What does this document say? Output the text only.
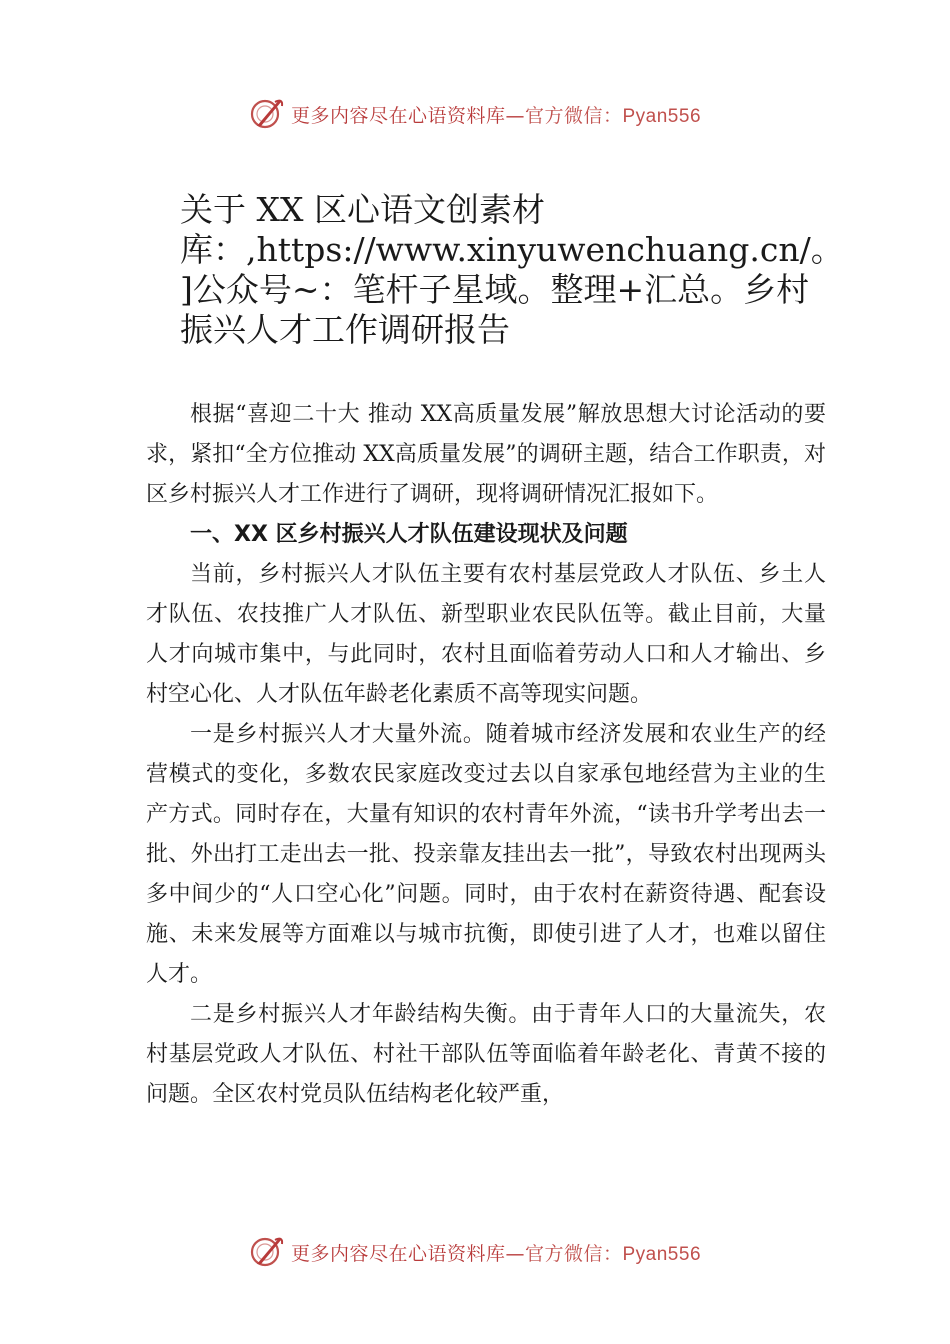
更多内容尽在心语资料库—官方微信：Pyan556
关于 XX 区心语文创素材
库：,https://www.xinyuwenchuang.cn/。
]公众号~：笔杆子星域。整理+汇总。乡村
振兴人才工作调研报告

根据“喜迎二十大 推动 XX高质量发展”解放思想大讨论活动的要求，紧扣“全方位推动 XX高质量发展”的调研主题，结合工作职责，对区乡村振兴人才工作进行了调研，现将调研情况汇报如下。

一、XX 区乡村振兴人才队伍建设现状及问题

当前，乡村振兴人才队伍主要有农村基层党政人才队伍、乡土人才队伍、农技推广人才队伍、新型职业农民队伍等。截止目前，大量人才向城市集中，与此同时，农村且面临着劳动人口和人才输出、乡村空心化、人才队伍年龄老化素质不高等现实问题。

一是乡村振兴人才大量外流。随着城市经济发展和农业生产的经营模式的变化，多数农民家庭改变过去以自家承包地经营为主业的生产方式。同时存在，大量有知识的农村青年外流，“读书升学考出去一批、外出打工走出去一批、投亲靠友挂出去一批”，导致农村出现两头多中间少的“人口空心化”问题。同时，由于农村在薪资待遇、配套设施、未来发展等方面难以与城市抗衡，即使引进了人才，也难以留住人才。

二是乡村振兴人才年龄结构失衡。由于青年人口的大量流失，农村基层党政人才队伍、村社干部队伍等面临着年龄老化、青黄不接的问题。全区农村党员队伍结构老化较严重，

更多内容尽在心语资料库—官方微信：Pyan556
